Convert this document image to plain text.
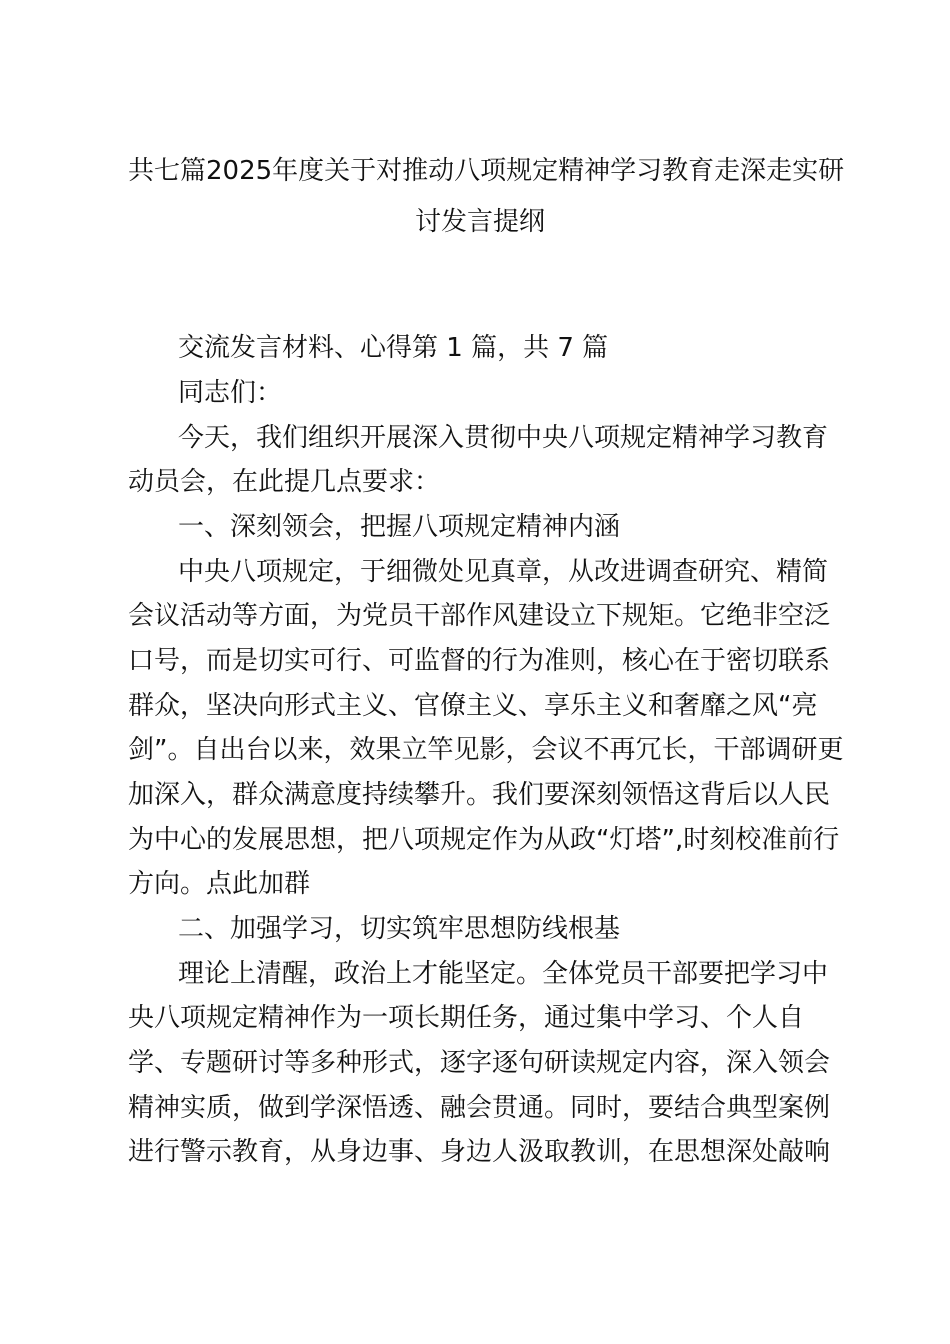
共七篇2025年度关于对推动八项规定精神学习教育走深走实研
讨发言提纲
交流发言材料、心得第 1 篇，共 7 篇
同志们：
今天，我们组织开展深入贯彻中央八项规定精神学习教育
动员会，在此提几点要求：
一、深刻领会，把握八项规定精神内涵
中央八项规定，于细微处见真章，从改进调查研究、精简
会议活动等方面，为党员干部作风建设立下规矩。它绝非空泛
口号，而是切实可行、可监督的行为准则，核心在于密切联系
群众，坚决向形式主义、官僚主义、享乐主义和奢靡之风“亮
剑”。自出台以来，效果立竿见影，会议不再冗长，干部调研更
加深入，群众满意度持续攀升。我们要深刻领悟这背后以人民
为中心的发展思想，把八项规定作为从政“灯塔”,时刻校准前行
方向。点此加群
二、加强学习，切实筑牢思想防线根基
理论上清醒，政治上才能坚定。全体党员干部要把学习中
央八项规定精神作为一项长期任务，通过集中学习、个人自
学、专题研讨等多种形式，逐字逐句研读规定内容，深入领会
精神实质，做到学深悟透、融会贯通。同时，要结合典型案例
进行警示教育，从身边事、身边人汲取教训，在思想深处敲响
